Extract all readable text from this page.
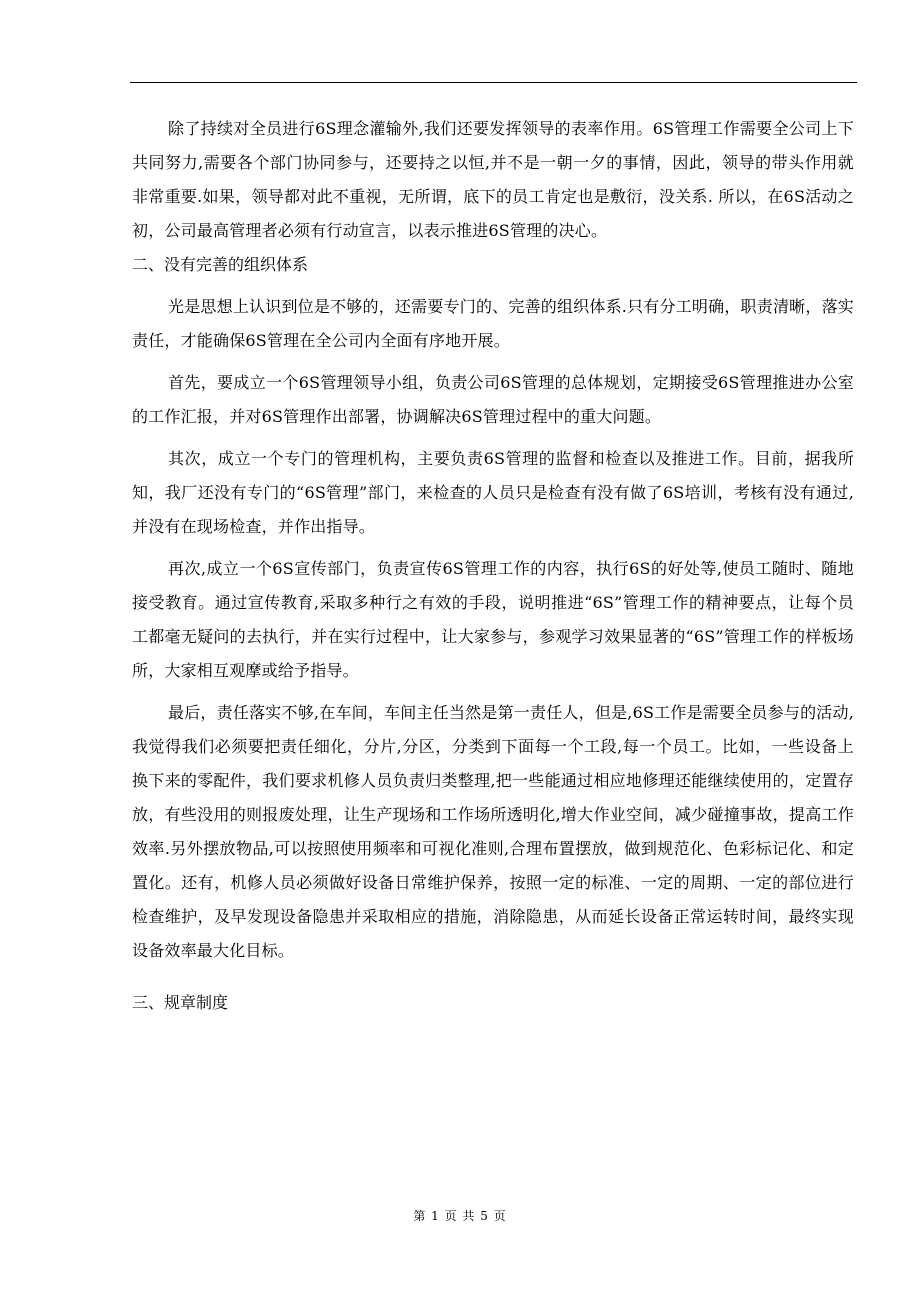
除了持续对全员进行6S理念灌输外,我们还要发挥领导的表率作用。6S管理工作需要全公司上下共同努力,需要各个部门协同参与，还要持之以恒,并不是一朝一夕的事情，因此，领导的带头作用就非常重要.如果，领导都对此不重视，无所谓，底下的员工肯定也是敷衍，没关系. 所以，在6S活动之初，公司最高管理者必须有行动宣言，以表示推进6S管理的决心。

二、没有完善的组织体系

光是思想上认识到位是不够的，还需要专门的、完善的组织体系.只有分工明确，职责清晰，落实责任，才能确保6S管理在全公司内全面有序地开展。

首先，要成立一个6S管理领导小组，负责公司6S管理的总体规划，定期接受6S管理推进办公室的工作汇报，并对6S管理作出部署，协调解决6S管理过程中的重大问题。

其次，成立一个专门的管理机构，主要负责6S管理的监督和检查以及推进工作。目前，据我所知，我厂还没有专门的“6S管理”部门，来检查的人员只是检查有没有做了6S培训，考核有没有通过,并没有在现场检查，并作出指导。

再次,成立一个6S宣传部门，负责宣传6S管理工作的内容，执行6S的好处等,使员工随时、随地接受教育。通过宣传教育,采取多种行之有效的手段，说明推进“6S”管理工作的精神要点，让每个员工都毫无疑问的去执行，并在实行过程中，让大家参与，参观学习效果显著的“6S”管理工作的样板场所，大家相互观摩或给予指导。

最后，责任落实不够,在车间，车间主任当然是第一责任人，但是,6S工作是需要全员参与的活动,我觉得我们必须要把责任细化，分片,分区，分类到下面每一个工段,每一个员工。比如，一些设备上换下来的零配件，我们要求机修人员负责归类整理,把一些能通过相应地修理还能继续使用的，定置存放，有些没用的则报废处理，让生产现场和工作场所透明化,增大作业空间，减少碰撞事故，提高工作效率.另外摆放物品,可以按照使用频率和可视化准则,合理布置摆放，做到规范化、色彩标记化、和定置化。还有，机修人员必须做好设备日常维护保养，按照一定的标准、一定的周期、一定的部位进行检查维护，及早发现设备隐患并采取相应的措施，消除隐患，从而延长设备正常运转时间，最终实现设备效率最大化目标。

三、规章制度

第 1 页 共 5 页
